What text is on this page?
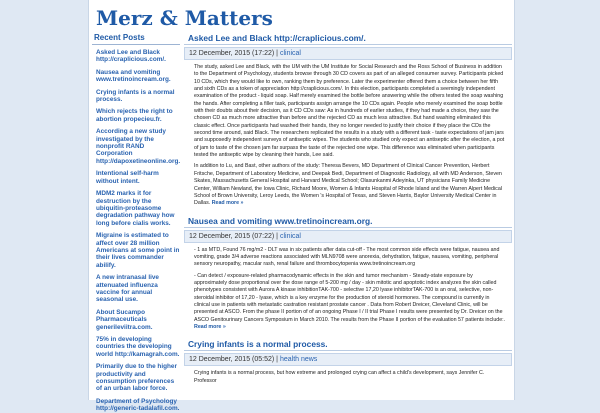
Merz & Matters
Recent Posts
Asked Lee and Black http://craplicious.com/.
Nausea and vomiting www.tretinoincream.org.
Crying infants is a normal process.
Which rejects the right to abortion propecieu.fr.
According a new study investigated by the nonprofit RAND Corporation http://dapoxetineonline.org.
Intentional self-harm without intent.
MDM2 marks it for destruction by the ubiquitin-proteasome degradation pathway how long before cialis works.
Migraine is estimated to affect over 28 million Americans at some point in their lives commander abilify.
A new intranasal live attenuated influenza vaccine for annual seasonal use.
About Sucampo Pharmaceuticals generileviitra.com.
75% in developing countries the developing world http://kamagrah.com.
Primarily due to the higher productivity and consumption preferences of an urban labor force.
Department of Psychology http://generic-tadalafil.com.
Asked Lee and Black http://craplicious.com/.
12 December, 2015 (17:22) | clinical

The study, asked Lee and Black, with the UM with the UM Institute for Social Research and the Ross School of Business in addition to the Department of Psychology, students browse through 30 CD covers as part of an alleged consumer survey. Participants picked 10 CDs, which they would like to own, ranking them by preference. Later the experimenter offered them a choice between her fifth and sixth CDs as a token of appreciation http://craplicious.com/. In this election, participants completed a seemingly independent examination of the product - liquid soap. Half merely examined the bottle before answering while the others tested the soap washing the hands. After completing a filler task, participants assign arrange the 10 CDs again. People who merely examined the soap bottle with their doubts about their decision, as it CD CDs saw: As in hundreds of earlier studies, if they had made a choice, they saw the chosen CD as much more attractive than before and the rejected CD as much less attractive. But hand washing eliminated this classic effect. Once participants had washed their hands, they no longer needed to justify their choice if they place the CDs the second time around, said Black. The researchers replicated the results in a study with a different task - taste expectations of jam jars and supposedly independent surveys of antiseptic wipes. The students who studied only expect an antiseptic after the election, a pot of jam to taste of the chosen jam far surpass the taste of the rejected one wipe. This difference was eliminated when participants tested the antiseptic wipe by cleaning their hands, Lee said.

In addition to Lu, and Bast, other authors of the study: Theresa Bevers, MD Department of Clinical Cancer Prevention, Herbert Fritsche, Department of Laboratory Medicine, and Deepak Bedi, Department of Diagnostic Radiology, all with MD Anderson, Steven Skates, Massachusetts General Hospital and Harvard Medical School; Olasunkanmi Adeyinka, UT physicians Family Medicine Center, William Newland, the Iowa Clinic, Richard Moore, Women & Infants Hospital of Rhode Island and the Warren Alpert Medical School of Brown University, Leroy Leeds, the Women 's Hospital of Texas, and Steven Harris, Baylor University Medical Center in Dallas. Read more »

Nausea and vomiting www.tretinoincream.org.
12 December, 2015 (07:22) | clinical

- 1 as MTD, Found 76 mg/m2 - DLT was in six patients after data cut-off - The most common side effects were fatigue, nausea and vomiting, grade 3/4 adverse reactions associated with MLN9708 were anorexia, dehydration, fatigue, nausea, vomiting, peripheral sensory neuropathy, macular rash, renal failure and thrombocytopenia www.tretinoincream.org

- Can detect / exposure-related pharmacodynamic effects in the skin and tumor mechanism - Steady-state exposure by approximately dose proportional over the dose range of 5-200 mg / day - skin mitotic and apoptotic index analyzes the skin called phenotypes consistent with Aurora A kinase inhibitionTAK-700 - selective 17,20 lyase inhibitorTAK-700 is an oral, selective, non-steroidal inhibitor of 17,20 - lyase, which is a key enzyme for the production of steroid hormones. The compound is currently in clinical use in patients with metastatic castration resistant prostate cancer . Data from Robert Dreicer, Cleveland Clinic, will be presented at ASCO. From the phase II portion of of an ongoing Phase I / II trial Phase I results were presented by Dr. Dreicer on the ASCO Genitourinary Cancers Symposium in March 2010. The results from the Phase II portion of the evaluation 57 patients include:. Read more »

Crying infants is a normal process.
12 December, 2015 (05:52) | health news

Crying infants is a normal process, but how extreme and prolonged crying can affect a child's development, says Jennifer C. Professor
